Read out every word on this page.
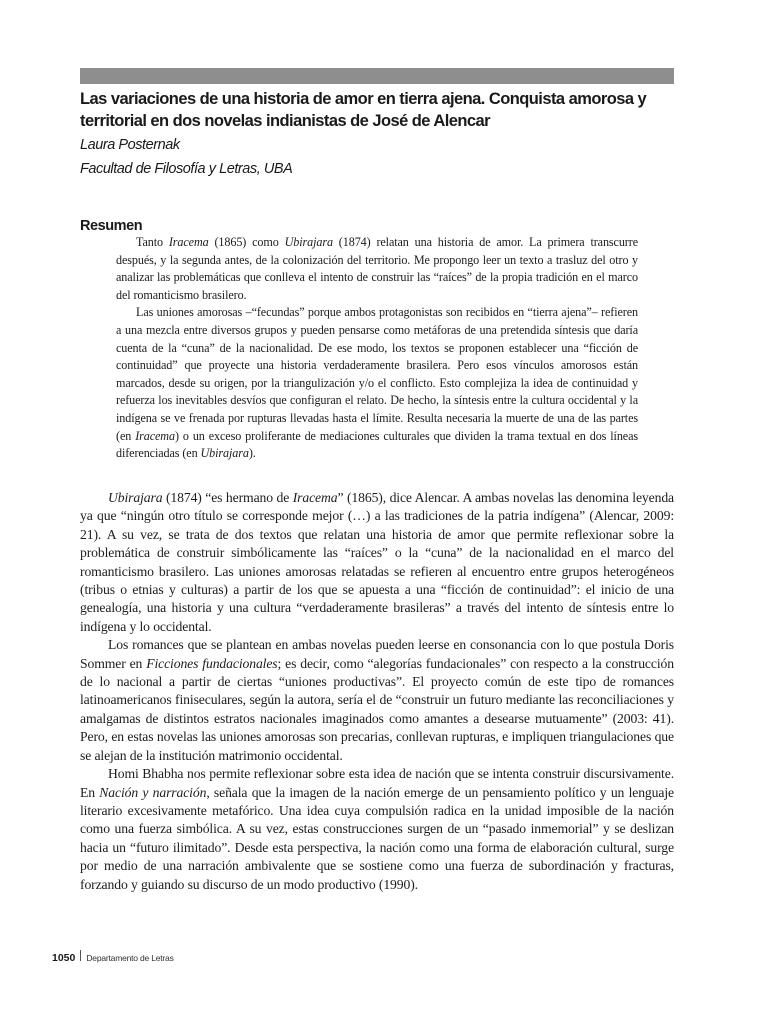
Las variaciones de una historia de amor en tierra ajena. Conquista amorosa y territorial en dos novelas indianistas de José de Alencar

Laura Posternak

Facultad de Filosofía y Letras, UBA

Resumen

Tanto Iracema (1865) como Ubirajara (1874) relatan una historia de amor. La primera transcurre después, y la segunda antes, de la colonización del territorio. Me propongo leer un texto a trasluz del otro y analizar las problemáticas que conlleva el intento de construir las “raíces” de la propia tradición en el marco del romanticismo brasilero.

Las uniones amorosas –“fecundas” porque ambos protagonistas son recibidos en “tierra ajena”– refieren a una mezcla entre diversos grupos y pueden pensarse como metáforas de una pretendida síntesis que daría cuenta de la “cuna” de la nacionalidad. De ese modo, los textos se proponen establecer una “ficción de continuidad” que proyecte una historia verdaderamente brasilera. Pero esos vínculos amorosos están marcados, desde su origen, por la triangulización y/o el conflicto. Esto complejiza la idea de continuidad y refuerza los inevitables desvíos que configuran el relato. De hecho, la síntesis entre la cultura occidental y la indígena se ve frenada por rupturas llevadas hasta el límite. Resulta necesaria la muerte de una de las partes (en Iracema) o un exceso proliferante de mediaciones culturales que dividen la trama textual en dos líneas diferenciadas (en Ubirajara).

Ubirajara (1874) “es hermano de Iracema” (1865), dice Alencar. A ambas novelas las denomina leyenda ya que “ningún otro título se corresponde mejor (…) a las tradiciones de la patria indígena” (Alencar, 2009: 21). A su vez, se trata de dos textos que relatan una historia de amor que permite reflexionar sobre la problemática de construir simbólicamente las “raíces” o la “cuna” de la nacionalidad en el marco del romanticismo brasilero. Las uniones amorosas relatadas se refieren al encuentro entre grupos heterogéneos (tribus o etnias y culturas) a partir de los que se apuesta a una “ficción de continuidad”: el inicio de una genealogía, una historia y una cultura “verdaderamente brasileras” a través del intento de síntesis entre lo indígena y lo occidental.

Los romances que se plantean en ambas novelas pueden leerse en consonancia con lo que postula Doris Sommer en Ficciones fundacionales; es decir, como “alegorías fundacionales” con respecto a la construcción de lo nacional a partir de ciertas “uniones productivas”. El proyecto común de este tipo de romances latinoamericanos finiseculares, según la autora, sería el de “construir un futuro mediante las reconciliaciones y amalgamas de distintos estratos nacionales imaginados como amantes a desearse mutuamente” (2003: 41). Pero, en estas novelas las uniones amorosas son precarias, conllevan rupturas, e impliquen triangulaciones que se alejan de la institución matrimonio occidental.

Homi Bhabha nos permite reflexionar sobre esta idea de nación que se intenta construir discursivamente. En Nación y narración, señala que la imagen de la nación emerge de un pensamiento político y un lenguaje literario excesivamente metafórico. Una idea cuya compulsión radica en la unidad imposible de la nación como una fuerza simbólica. A su vez, estas construcciones surgen de un “pasado inmemorial” y se deslizan hacia un “futuro ilimitado”. Desde esta perspectiva, la nación como una forma de elaboración cultural, surge por medio de una narración ambivalente que se sostiene como una fuerza de subordinación y fracturas, forzando y guiando su discurso de un modo productivo (1990).

1050 Departamento de Letras
